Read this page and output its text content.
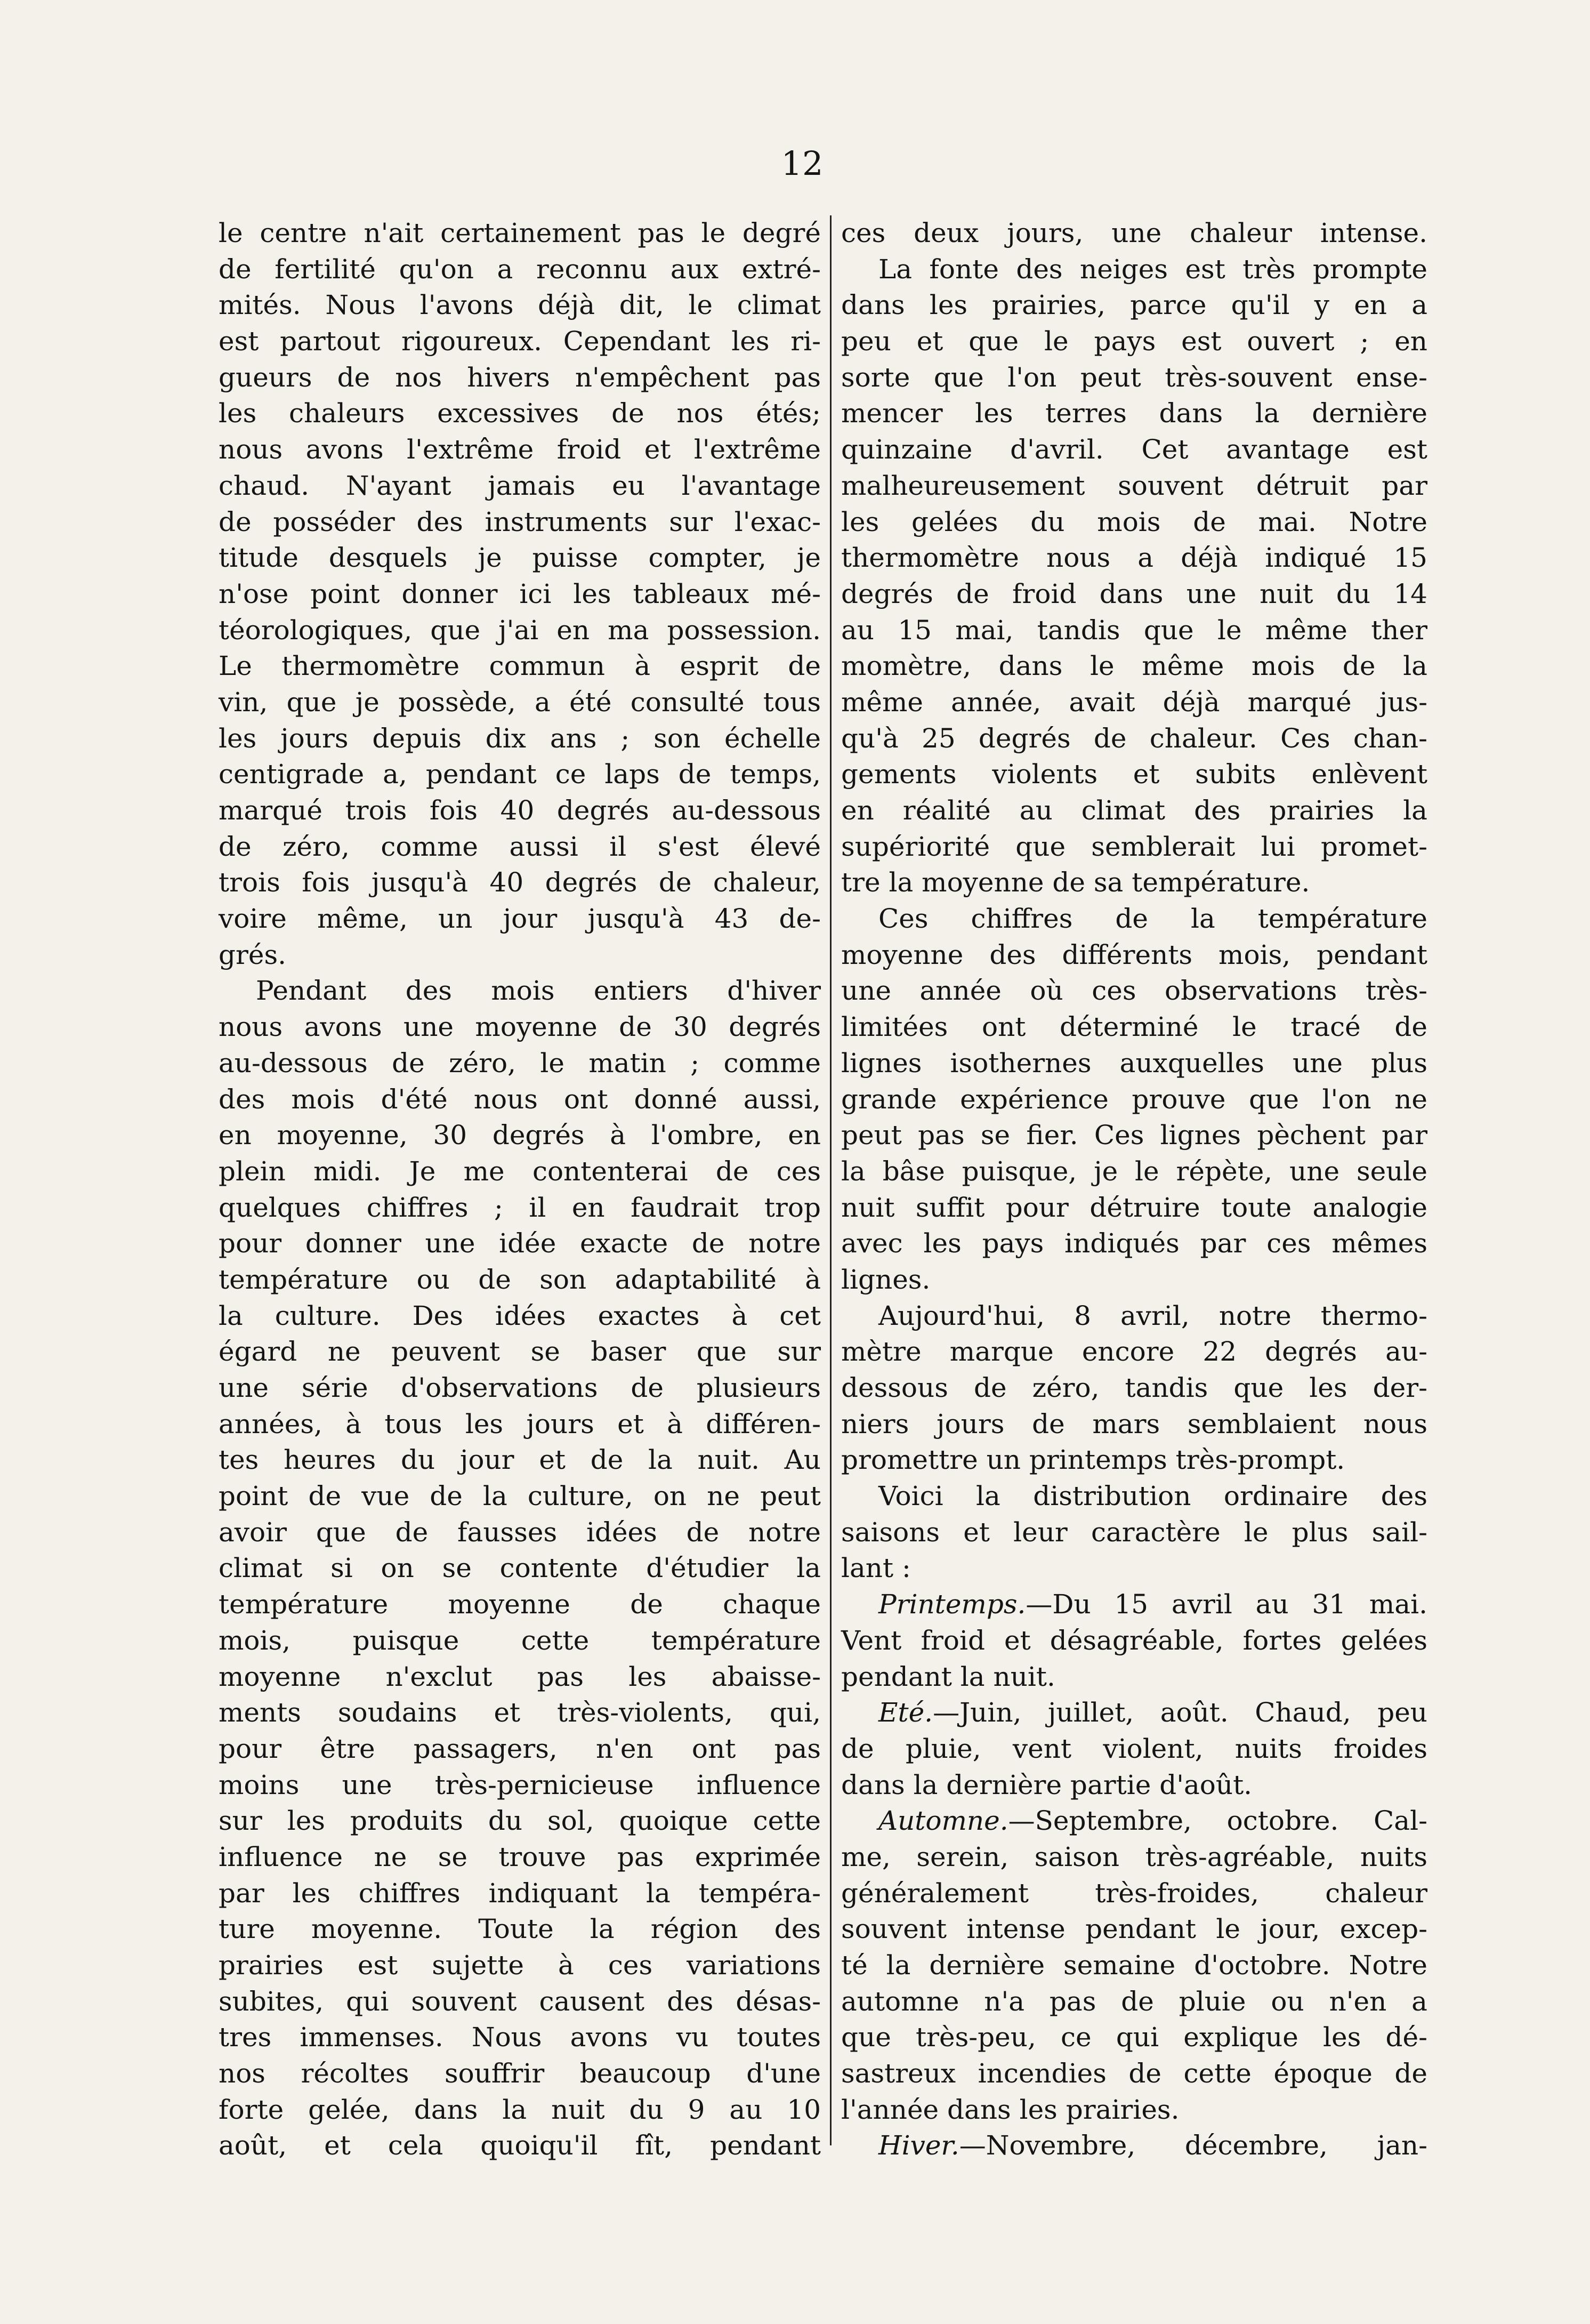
12
le centre n'ait certainement pas le degré
de fertilité qu'on a reconnu aux extré-
mités. Nous l'avons déjà dit, le climat
est partout rigoureux. Cependant les ri-
gueurs de nos hivers n'empêchent pas
les chaleurs excessives de nos étés;
nous avons l'extrême froid et l'extrême
chaud. N'ayant jamais eu l'avantage
de posséder des instruments sur l'exac-
titude desquels je puisse compter, je
n'ose point donner ici les tableaux mé-
téorologiques, que j'ai en ma possession.
Le thermomètre commun à esprit de
vin, que je possède, a été consulté tous
les jours depuis dix ans ; son échelle
centigrade a, pendant ce laps de temps,
marqué trois fois 40 degrés au-dessous
de zéro, comme aussi il s'est élevé
trois fois jusqu'à 40 degrés de chaleur,
voire même, un jour jusqu'à 43 de-
grés.
Pendant des mois entiers d'hiver
nous avons une moyenne de 30 degrés
au-dessous de zéro, le matin ; comme
des mois d'été nous ont donné aussi,
en moyenne, 30 degrés à l'ombre, en
plein midi. Je me contenterai de ces
quelques chiffres ; il en faudrait trop
pour donner une idée exacte de notre
température ou de son adaptabilité à
la culture. Des idées exactes à cet
égard ne peuvent se baser que sur
une série d'observations de plusieurs
années, à tous les jours et à différen-
tes heures du jour et de la nuit. Au
point de vue de la culture, on ne peut
avoir que de fausses idées de notre
climat si on se contente d'étudier la
température moyenne de chaque
mois, puisque cette température
moyenne n'exclut pas les abaisse-
ments soudains et très-violents, qui,
pour être passagers, n'en ont pas
moins une très-pernicieuse influence
sur les produits du sol, quoique cette
influence ne se trouve pas exprimée
par les chiffres indiquant la tempéra-
ture moyenne. Toute la région des
prairies est sujette à ces variations
subites, qui souvent causent des désas-
tres immenses. Nous avons vu toutes
nos récoltes souffrir beaucoup d'une
forte gelée, dans la nuit du 9 au 10
août, et cela quoiqu'il fît, pendant
ces deux jours, une chaleur intense.
La fonte des neiges est très prompte
dans les prairies, parce qu'il y en a
peu et que le pays est ouvert ; en
sorte que l'on peut très-souvent ense-
mencer les terres dans la dernière
quinzaine d'avril. Cet avantage est
malheureusement souvent détruit par
les gelées du mois de mai. Notre
thermomètre nous a déjà indiqué 15
degrés de froid dans une nuit du 14
au 15 mai, tandis que le même ther
momètre, dans le même mois de la
même année, avait déjà marqué jus-
qu'à 25 degrés de chaleur. Ces chan-
gements violents et subits enlèvent
en réalité au climat des prairies la
supériorité que semblerait lui promet-
tre la moyenne de sa température.
Ces chiffres de la température
moyenne des différents mois, pendant
une année où ces observations très-
limitées ont déterminé le tracé de
lignes isothernes auxquelles une plus
grande expérience prouve que l'on ne
peut pas se fier. Ces lignes pèchent par
la bâse puisque, je le répète, une seule
nuit suffit pour détruire toute analogie
avec les pays indiqués par ces mêmes
lignes.
Aujourd'hui, 8 avril, notre thermo-
mètre marque encore 22 degrés au-
dessous de zéro, tandis que les der-
niers jours de mars semblaient nous
promettre un printemps très-prompt.
Voici la distribution ordinaire des
saisons et leur caractère le plus sail-
lant :
Printemps.—Du 15 avril au 31 mai.
Vent froid et désagréable, fortes gelées
pendant la nuit.
Eté.—Juin, juillet, août. Chaud, peu
de pluie, vent violent, nuits froides
dans la dernière partie d'août.
Automne.—Septembre, octobre. Cal-
me, serein, saison très-agréable, nuits
généralement très-froides, chaleur
souvent intense pendant le jour, excep-
té la dernière semaine d'octobre. Notre
automne n'a pas de pluie ou n'en a
que très-peu, ce qui explique les dé-
sastreux incendies de cette époque de
l'année dans les prairies.
Hiver.—Novembre, décembre, jan-
